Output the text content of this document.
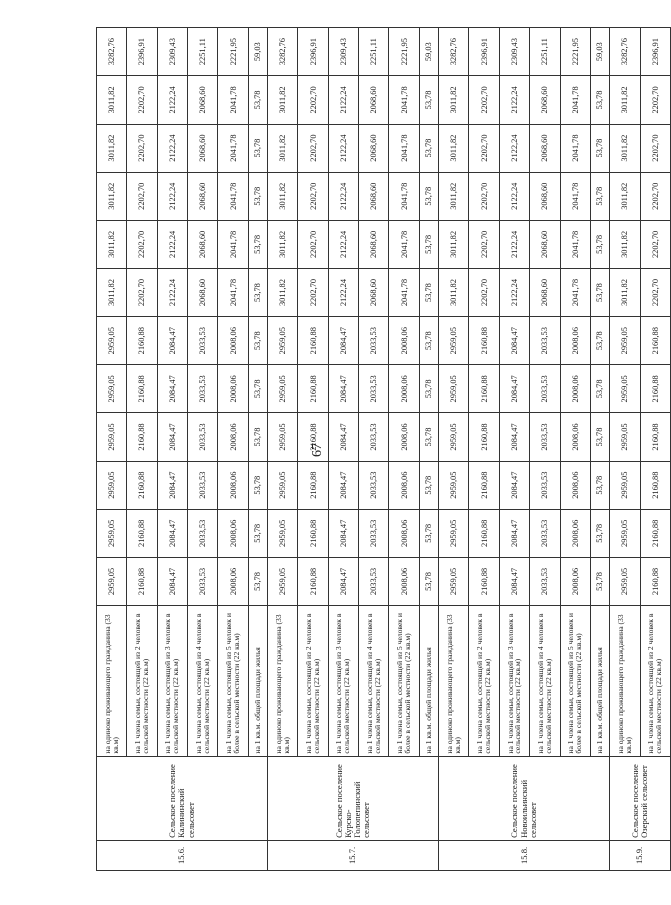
15.6.	Сельское поселение Калининский сельсовет	на одиноко проживающего гражданина (33 кв.м)	2959,05	2959,05	2959,05	2959,05	2959,05	2959,05	3011,82	3011,82	3011,82	3011,82	3011,82	3282,76
		на 1 члена семьи, состоящей из 2 человек в сельской местности (22 кв.м)	2160,88	2160,88	2160,88	2160,88	2160,88	2160,88	2202,70	2202,70	2202,70	2202,70	2202,70	2396,91
		на 1 члена семьи, состоящей из 3 человек в сельской местности (22 кв.м)	2084,47	2084,47	2084,47	2084,47	2084,47	2084,47	2122,24	2122,24	2122,24	2122,24	2122,24	2309,43
		на 1 члена семьи, состоящей из 4 человек в сельской местности (22 кв.м)	2033,53	2033,53	2033,53	2033,53	2033,53	2033,53	2068,60	2068,60	2068,60	2068,60	2068,60	2251,11
		на 1 члена семьи, состоящей из 5 человек и более в сельской местности (22 кв.м)	2008,06	2008,06	2008,06	2008,06	2008,06	2008,06	2041,78	2041,78	2041,78	2041,78	2041,78	2221,95
		на 1 кв.м. общей площади жилья	53,78	53,78	53,78	53,78	53,78	53,78	53,78	53,78	53,78	53,78	53,78	59,03
15.7.	Сельское поселение Курско-Голопепинский сельсовет	на одиноко проживающего гражданина (33 кв.м)	2959,05	2959,05	2959,05	2959,05	2959,05	2959,05	3011,82	3011,82	3011,82	3011,82	3011,82	3282,76
		на 1 члена семьи, состоящей из 2 человек в сельской местности (22 кв.м)	2160,88	2160,88	2160,88	2160,88	2160,88	2160,88	2202,70	2202,70	2202,70	2202,70	2202,70	2396,91
		на 1 члена семьи, состоящей из 3 человек в сельской местности (22 кв.м)	2084,47	2084,47	2084,47	2084,47	2084,47	2084,47	2122,24	2122,24	2122,24	2122,24	2122,24	2309,43
		на 1 члена семьи, состоящей из 4 человек в сельской местности (22 кв.м)	2033,53	2033,53	2033,53	2033,53	2033,53	2033,53	2068,60	2068,60	2068,60	2068,60	2068,60	2251,11
		на 1 члена семьи, состоящей из 5 человек и более в сельской местности (22 кв.м)	2008,06	2008,06	2008,06	2008,06	2008,06	2008,06	2041,78	2041,78	2041,78	2041,78	2041,78	2221,95
		на 1 кв.м. общей площади жилья	53,78	53,78	53,78	53,78	53,78	53,78	53,78	53,78	53,78	53,78	53,78	59,03
15.8.	Сельское поселение Новоильинский сельсовет	на одиноко проживающего гражданина (33 кв.м)	2959,05	2959,05	2959,05	2959,05	2959,05	2959,05	3011,82	3011,82	3011,82	3011,82	3011,82	3282,76
		на 1 члена семьи, состоящей из 2 человек в сельской местности (22 кв.м)	2160,88	2160,88	2160,88	2160,88	2160,88	2160,88	2202,70	2202,70	2202,70	2202,70	2202,70	2396,91
		на 1 члена семьи, состоящей из 3 человек в сельской местности (22 кв.м)	2084,47	2084,47	2084,47	2084,47	2084,47	2084,47	2122,24	2122,24	2122,24	2122,24	2122,24	2309,43
		на 1 члена семьи, состоящей из 4 человек в сельской местности (22 кв.м)	2033,53	2033,53	2033,53	2033,53	2033,53	2033,53	2068,60	2068,60	2068,60	2068,60	2068,60	2251,11
		на 1 члена семьи, состоящей из 5 человек и более в сельской местности (22 кв.м)	2008,06	2008,06	2008,06	2008,06	2008,06	2008,06	2041,78	2041,78	2041,78	2041,78	2041,78	2221,95
		на 1 кв.м. общей площади жилья	53,78	53,78	53,78	53,78	53,78	53,78	53,78	53,78	53,78	53,78	53,78	59,03
15.9.	Сельское поселение Озерский сельсовет	на одиноко проживающего гражданина (33 кв.м)	2959,05	2959,05	2959,05	2959,05	2959,05	2959,05	3011,82	3011,82	3011,82	3011,82	3011,82	3282,76
		на 1 члена семьи, состоящей из 2 человек в сельской местности (22 кв.м)	2160,88	2160,88	2160,88	2160,88	2160,88	2160,88	2202,70	2202,70	2202,70	2202,70	2202,70	2396,91
67
